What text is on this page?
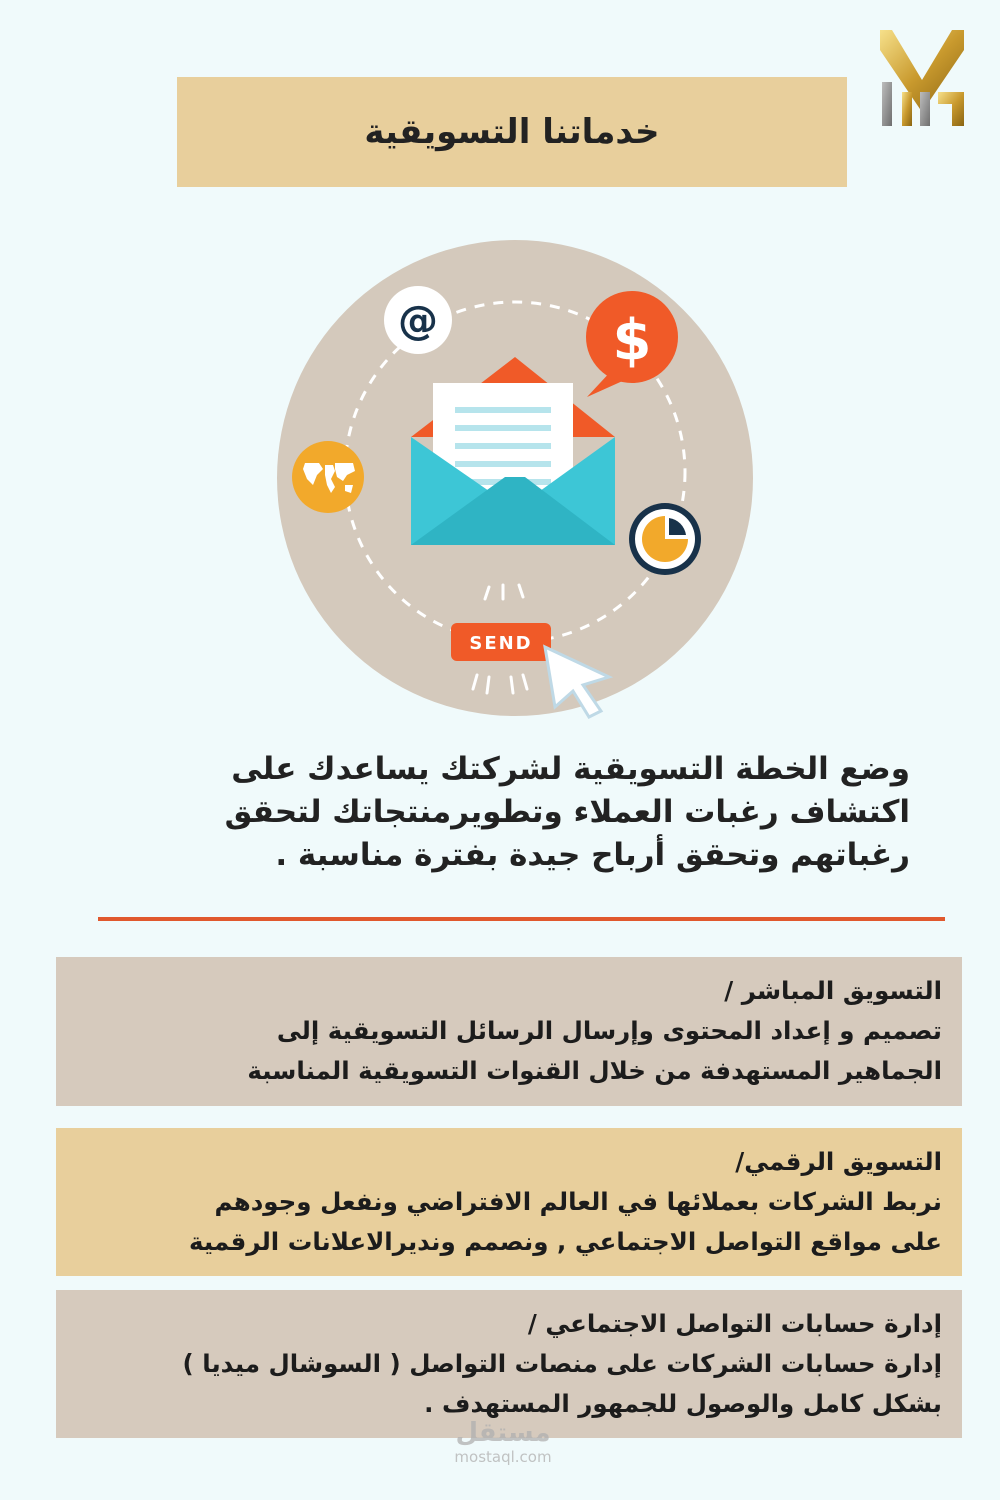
خدماتنا التسويقية
@	$
SEND
وضع الخطة التسويقية لشركتك يساعدك على
اكتشاف رغبات العملاء وتطويرمنتجاتك لتحقق
رغباتهم وتحقق أرباح جيدة بفترة مناسبة .
التسويق المباشر /
تصميم و إعداد المحتوى وإرسال الرسائل التسويقية إلى
الجماهير المستهدفة من خلال القنوات التسويقية المناسبة
التسويق الرقمي/
نربط الشركات بعملائها في العالم الافتراضي ونفعل وجودهم
على مواقع التواصل الاجتماعي , ونصمم ونديرالاعلانات الرقمية
إدارة حسابات التواصل الاجتماعي /
إدارة حسابات الشركات على منصات التواصل ( السوشال ميديا )
بشكل كامل والوصول للجمهور المستهدف .
مستقل
mostaql.com
